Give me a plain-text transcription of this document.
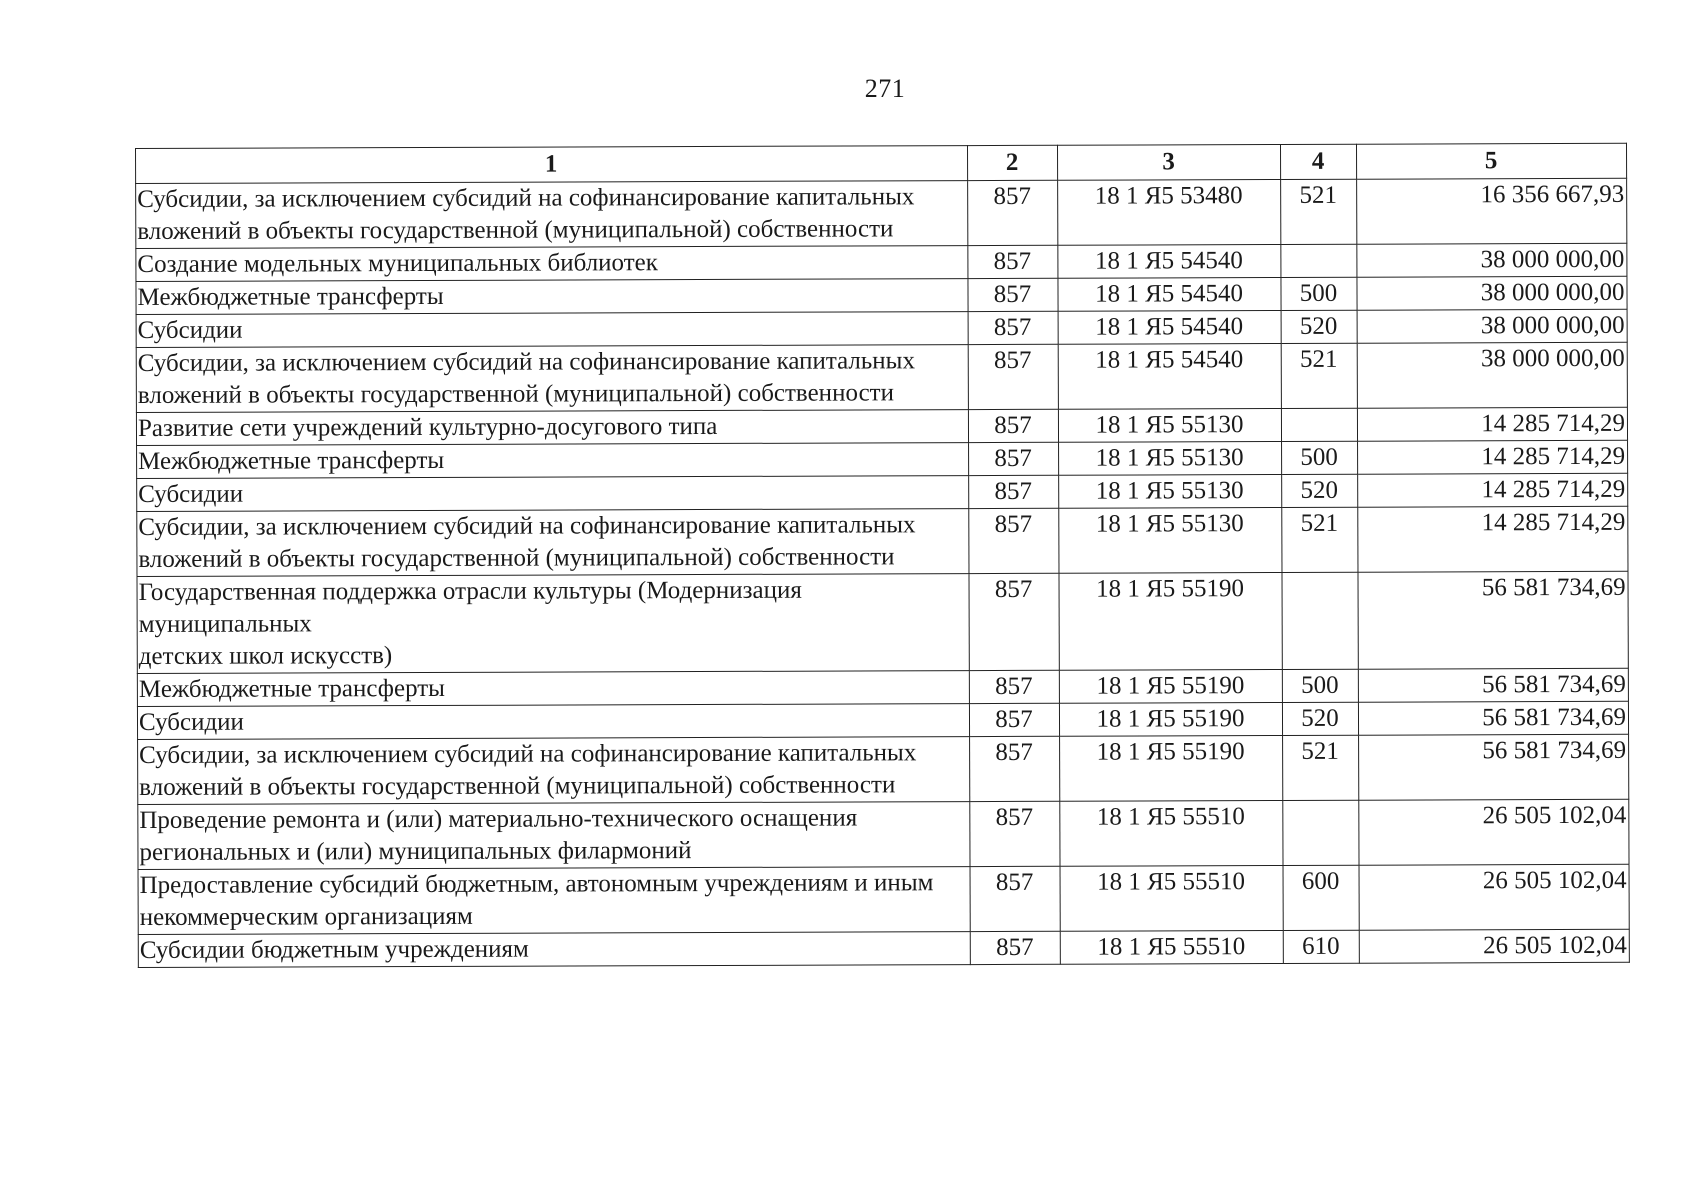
271
1	2	3	4	5
Субсидии, за исключением субсидий на софинансирование капитальных вложений в объекты государственной (муниципальной) собственности	857	18 1 Я5 53480	521	16 356 667,93
Создание модельных муниципальных библиотек	857	18 1 Я5 54540		38 000 000,00
Межбюджетные трансферты	857	18 1 Я5 54540	500	38 000 000,00
Субсидии	857	18 1 Я5 54540	520	38 000 000,00
Субсидии, за исключением субсидий на софинансирование капитальных вложений в объекты государственной (муниципальной) собственности	857	18 1 Я5 54540	521	38 000 000,00
Развитие сети учреждений культурно-досугового типа	857	18 1 Я5 55130		14 285 714,29
Межбюджетные трансферты	857	18 1 Я5 55130	500	14 285 714,29
Субсидии	857	18 1 Я5 55130	520	14 285 714,29
Субсидии, за исключением субсидий на софинансирование капитальных вложений в объекты государственной (муниципальной) собственности	857	18 1 Я5 55130	521	14 285 714,29
Государственная поддержка отрасли культуры (Модернизация муниципальных
детских школ искусств)	857	18 1 Я5 55190		56 581 734,69
Межбюджетные трансферты	857	18 1 Я5 55190	500	56 581 734,69
Субсидии	857	18 1 Я5 55190	520	56 581 734,69
Субсидии, за исключением субсидий на софинансирование капитальных вложений в объекты государственной (муниципальной) собственности	857	18 1 Я5 55190	521	56 581 734,69
Проведение ремонта и (или) материально-технического оснащения региональных и (или) муниципальных филармоний	857	18 1 Я5 55510		26 505 102,04
Предоставление субсидий бюджетным, автономным учреждениям и иным некоммерческим организациям	857	18 1 Я5 55510	600	26 505 102,04
Субсидии бюджетным учреждениям	857	18 1 Я5 55510	610	26 505 102,04
